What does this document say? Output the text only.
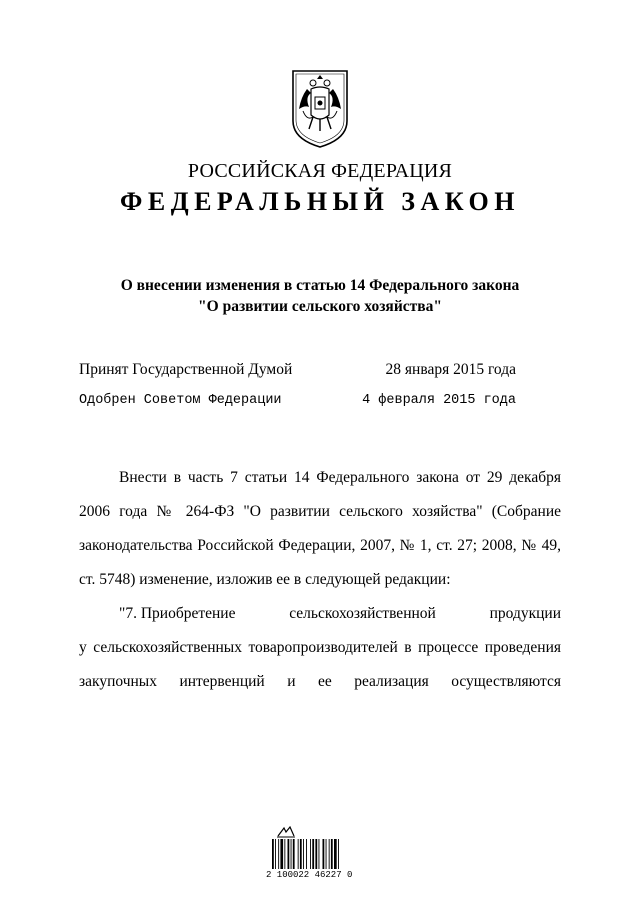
РОССИЙСКАЯ ФЕДЕРАЦИЯ
ФЕДЕРАЛЬНЫЙ ЗАКОН
О внесении изменения в статью 14 Федерального закона
"О развитии сельского хозяйства"
Принят Государственной Думой	28 января 2015 года
Одобрен Советом Федерации	4 февраля 2015 года

Внести в часть 7 статьи 14 Федерального закона от 29 декабря

2006 года № 264-ФЗ "О развитии сельского хозяйства" (Собрание

законодательства Российской Федерации, 2007, № 1, ст. 27; 2008, № 49,

ст. 5748) изменение, изложив ее в следующей редакции:

"7. Приобретение	сельскохозяйственной	продукции

у сельскохозяйственных товаропроизводителей в процессе проведения

закупочных интервенций и ее реализация осуществляются
2 100022 46227 0
